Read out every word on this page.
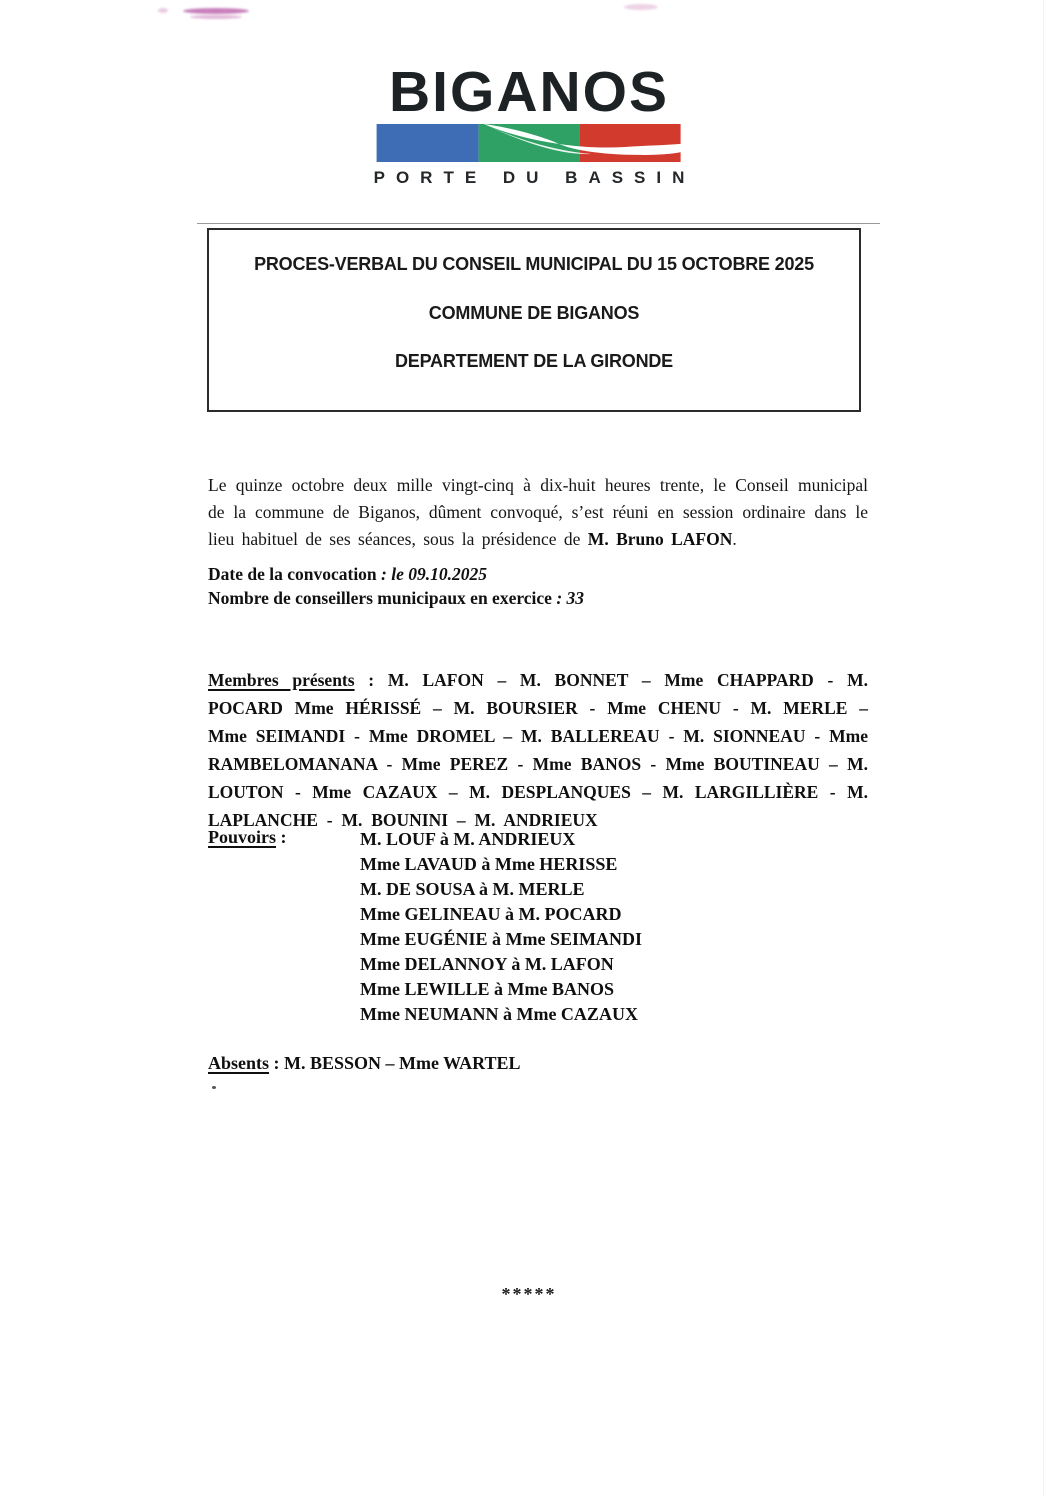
BIGANOS
PORTE DU BASSIN
PROCES-VERBAL DU CONSEIL MUNICIPAL DU 15 OCTOBRE 2025
COMMUNE DE BIGANOS
DEPARTEMENT DE LA GIRONDE

Le quinze octobre deux mille vingt-cinq à dix-huit heures trente, le Conseil municipal de la commune de Biganos, dûment convoqué, s’est réuni en session ordinaire dans le lieu habituel de ses séances, sous la présidence de M. Bruno LAFON.

Date de la convocation : le 09.10.2025
Nombre de conseillers municipaux en exercice : 33

Membres présents : M. LAFON – M. BONNET – Mme CHAPPARD - M. POCARD Mme HÉRISSÉ – M. BOURSIER - Mme CHENU - M. MERLE – Mme SEIMANDI - Mme DROMEL – M. BALLEREAU - M. SIONNEAU - Mme RAMBELOMANANA - Mme PEREZ - Mme BANOS - Mme BOUTINEAU – M. LOUTON - Mme CAZAUX – M. DESPLANQUES – M. LARGILLIÈRE - M. LAPLANCHE - M. BOUNINI – M. ANDRIEUX

Pouvoirs :	M. LOUF à M. ANDRIEUX
Mme LAVAUD à Mme HERISSE
M. DE SOUSA à M. MERLE
Mme GELINEAU à M. POCARD
Mme EUGÉNIE à Mme SEIMANDI
Mme DELANNOY à M. LAFON
Mme LEWILLE à Mme BANOS
Mme NEUMANN à Mme CAZAUX
Absents : M. BESSON – Mme WARTEL
*****
